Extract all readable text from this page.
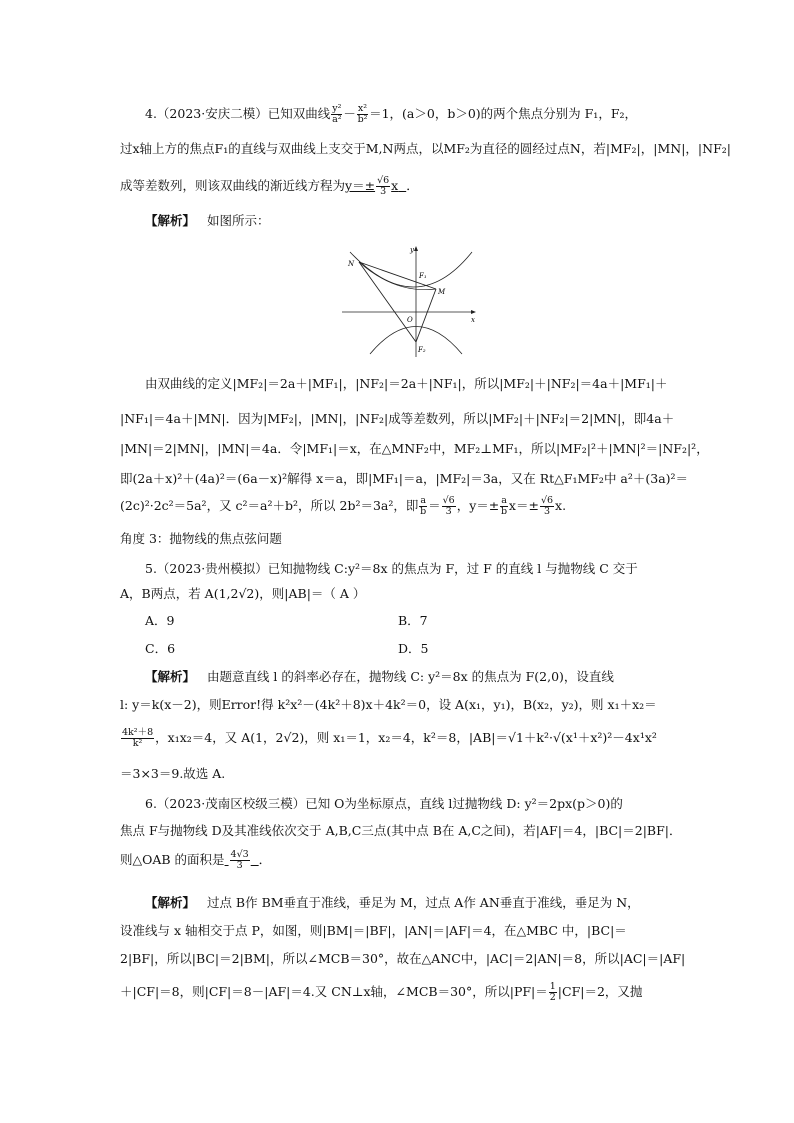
4.（2023·安庆二模）已知双曲线 $\frac{\text{y²}}{\text{a²}} - \frac{\text{x²}}{\text{b²}} =1$，(a＞0，b＞0)的两个焦点分别为 F₁，F₂，
过x轴上方的焦点F₁的直线与双曲线上支交于M,N两点，以MF₂为直径的圆经过点N，若|MF₂|，|MN|，|NF₂|
成等差数列，则该双曲线的渐近线方程为$y=\pm \frac{√6}{3}$ x ．
【解析】 如图所示：
y
x
N
F₁
M
O
F₂
由双曲线的定义|MF₂|＝2a＋|MF₁|，|NF₂|＝2a＋|NF₁|，所以|MF₂|＋|NF₂|＝4a＋|MF₁|＋
|NF₁|＝4a＋|MN|．因为|MF₂|，|MN|，|NF₂|成等差数列，所以|MF₂|＋|NF₂|＝2|MN|，即4a＋
|MN|＝2|MN|，|MN|＝4a．令|MF₁|＝x，在△MNF₂中，MF₂⊥MF₁，所以|MF₂|²＋|MN|²＝|NF₂|²，
即(2a＋x)²＋(4a)²＝(6a－x)²解得 x＝a，即|MF₁|＝a，|MF₂|＝3a，又在 Rt△F₁MF₂中 a²＋(3a)²＝
(2c)²·2c²＝5a²，又 c²＝a²＋b²，所以 2b²＝3a²，即 $\frac{a}{b} = \frac{√6}{3}$ ，$y=\pm \frac{a}{b} x=\pm \frac{√6}{3} x$.
角度 3：抛物线的焦点弦问题
5.（2023·贵州模拟）已知抛物线 C:y²＝8x 的焦点为 F，过 F 的直线 l 与抛物线 C 交于
A，B两点，若 A(1,2√2)，则|AB|＝（ A ）
A．9	B．7
C．6	D．5
【解析】 由题意直线 l 的斜率必存在，抛物线 C: y²＝8x 的焦点为 F(2,0)，设直线
l: y＝k(x－2)，则Error!得 k²x²－(4k²＋8)x＋4k²＝0，设 A(x₁，y₁)，B(x₂，y₂)，则 x₁＋x₂＝
$\frac{\text{4k²＋8}}{\text{k²}}$ ，x₁x₂＝4，又 A(1，2√2)，则 x₁＝1，x₂＝4，k²＝8，|AB|＝√1＋k²·√(x¹＋x²)²－4x¹x²
＝3×3＝9.故选 A.
6.（2023·茂南区校级三模）已知 O为坐标原点，直线 l过抛物线 D: y²＝2px(p＞0)的
焦点 F与抛物线 D及其准线依次交于 A,B,C三点(其中点 B在 A,C之间)，若|AF|＝4，|BC|＝2|BF|．
则△OAB 的面积是 $\frac{4√3}{3}$ ．
【解析】 过点 B作 BM垂直于准线，垂足为 M，过点 A作 AN垂直于准线，垂足为 N，
设准线与 x 轴相交于点 P，如图，则|BM|＝|BF|，|AN|＝|AF|＝4，在△MBC 中，|BC|＝
2|BF|，所以|BC|＝2|BM|，所以∠MCB＝30°，故在△ANC中，|AC|＝2|AN|＝8，所以|AC|＝|AF|
＋|CF|＝8，则|CF|＝8－|AF|＝4.又 CN⊥x轴，∠MCB＝30°，所以$|PF|= \frac{1}{2} |CF|=2$，又抛
